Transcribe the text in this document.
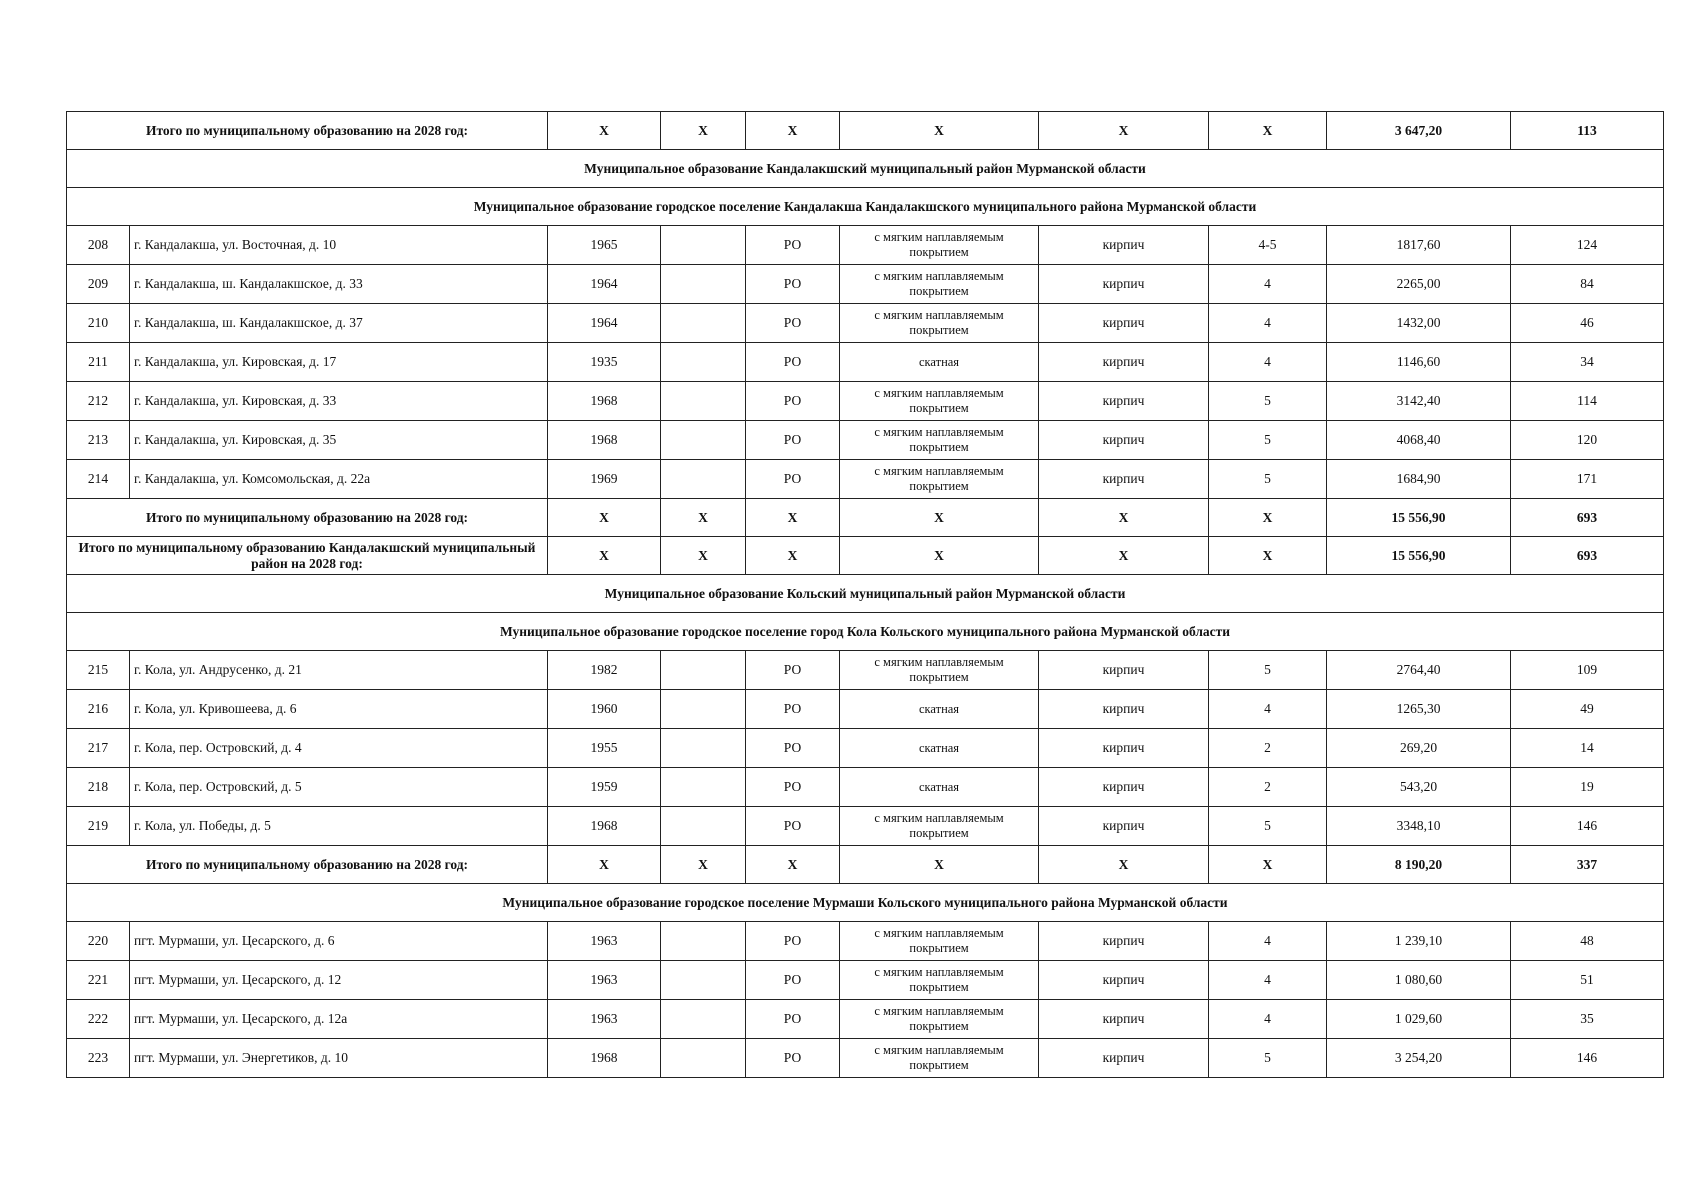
Итого по муниципальному образованию на 2028 год:		X	X	X	X	X	X	3 647,20	113
Муниципальное образование Кандалакшский муниципальный район Мурманской области									
Муниципальное образование городское поселение Кандалакша Кандалакшского муниципального района Мурманской области									
208	г. Кандалакша, ул. Восточная, д. 10	1965		РО	с мягким наплавляемым покрытием	кирпич	4-5	1817,60	124
209	г. Кандалакша, ш. Кандалакшское, д. 33	1964		РО	с мягким наплавляемым покрытием	кирпич	4	2265,00	84
210	г. Кандалакша, ш. Кандалакшское, д. 37	1964		РО	с мягким наплавляемым покрытием	кирпич	4	1432,00	46
211	г. Кандалакша, ул. Кировская, д. 17	1935		РО	скатная	кирпич	4	1146,60	34
212	г. Кандалакша, ул. Кировская, д. 33	1968		РО	с мягким наплавляемым покрытием	кирпич	5	3142,40	114
213	г. Кандалакша, ул. Кировская, д. 35	1968		РО	с мягким наплавляемым покрытием	кирпич	5	4068,40	120
214	г. Кандалакша, ул. Комсомольская, д. 22а	1969		РО	с мягким наплавляемым покрытием	кирпич	5	1684,90	171
Итого по муниципальному образованию на 2028 год:		X	X	X	X	X	X	15 556,90	693
Итого по муниципальному образованию Кандалакшский муниципальный район на 2028 год:		X	X	X	X	X	X	15 556,90	693
Муниципальное образование Кольский муниципальный район Мурманской области									
Муниципальное образование городское поселение город Кола Кольского муниципального района Мурманской области									
215	г. Кола, ул. Андрусенко, д. 21	1982		РО	с мягким наплавляемым покрытием	кирпич	5	2764,40	109
216	г. Кола, ул. Кривошеева, д. 6	1960		РО	скатная	кирпич	4	1265,30	49
217	г. Кола, пер. Островский, д. 4	1955		РО	скатная	кирпич	2	269,20	14
218	г. Кола, пер. Островский, д. 5	1959		РО	скатная	кирпич	2	543,20	19
219	г. Кола, ул. Победы, д. 5	1968		РО	с мягким наплавляемым покрытием	кирпич	5	3348,10	146
Итого по муниципальному образованию на 2028 год:		X	X	X	X	X	X	8 190,20	337
Муниципальное образование городское поселение Мурмаши Кольского муниципального района Мурманской области									
220	пгт. Мурмаши, ул. Цесарского, д. 6	1963		РО	с мягким наплавляемым покрытием	кирпич	4	1 239,10	48
221	пгт. Мурмаши, ул. Цесарского, д. 12	1963		РО	с мягким наплавляемым покрытием	кирпич	4	1 080,60	51
222	пгт. Мурмаши, ул. Цесарского, д. 12а	1963		РО	с мягким наплавляемым покрытием	кирпич	4	1 029,60	35
223	пгт. Мурмаши, ул. Энергетиков, д. 10	1968		РО	с мягким наплавляемым покрытием	кирпич	5	3 254,20	146
